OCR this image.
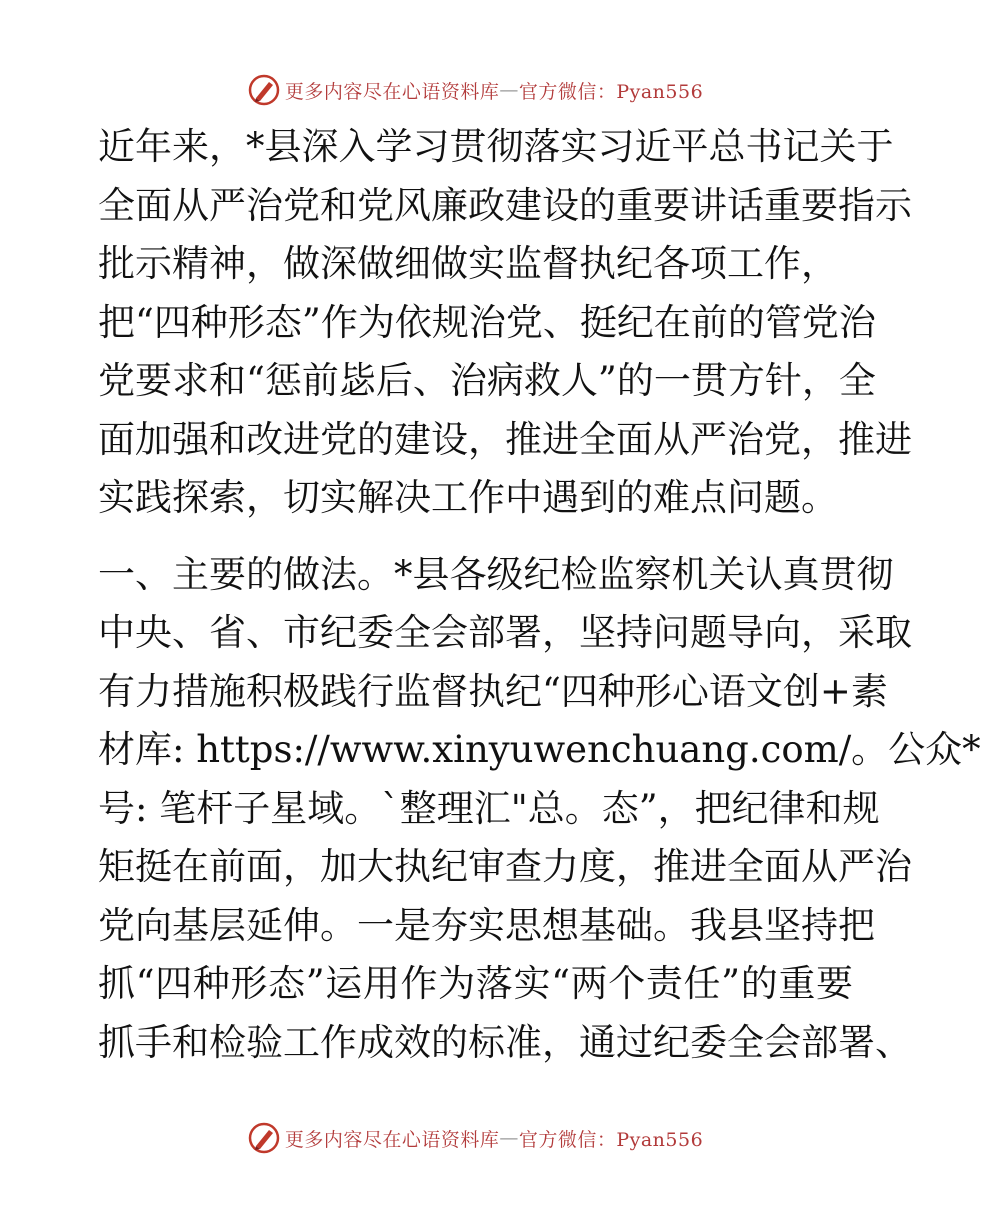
更多内容尽在心语资料库 — 官方微信：Pyan556
近年来，*县深入学习贯彻落实习近平总书记关于
全面从严治党和党风廉政建设的重要讲话重要指示
批示精神，做深做细做实监督执纪各项工作，
把“四种形态”作为依规治党、挺纪在前的管党治
党要求和“惩前毖后、治病救人”的一贯方针，全
面加强和改进党的建设，推进全面从严治党，推进
实践探索，切实解决工作中遇到的难点问题。
一、主要的做法。*县各级纪检监察机关认真贯彻
中央、省、市纪委全会部署，坚持问题导向，采取
有力措施积极践行监督执纪“四种形心语文创+素
材库: https://www.xinyuwenchuang.com/。公众*
号: 笔杆子星域。`整理汇"总。态”，把纪律和规
矩挺在前面，加大执纪审查力度，推进全面从严治
党向基层延伸。一是夯实思想基础。我县坚持把
抓“四种形态”运用作为落实“两个责任”的重要
抓手和检验工作成效的标准，通过纪委全会部署、
更多内容尽在心语资料库 — 官方微信：Pyan556
